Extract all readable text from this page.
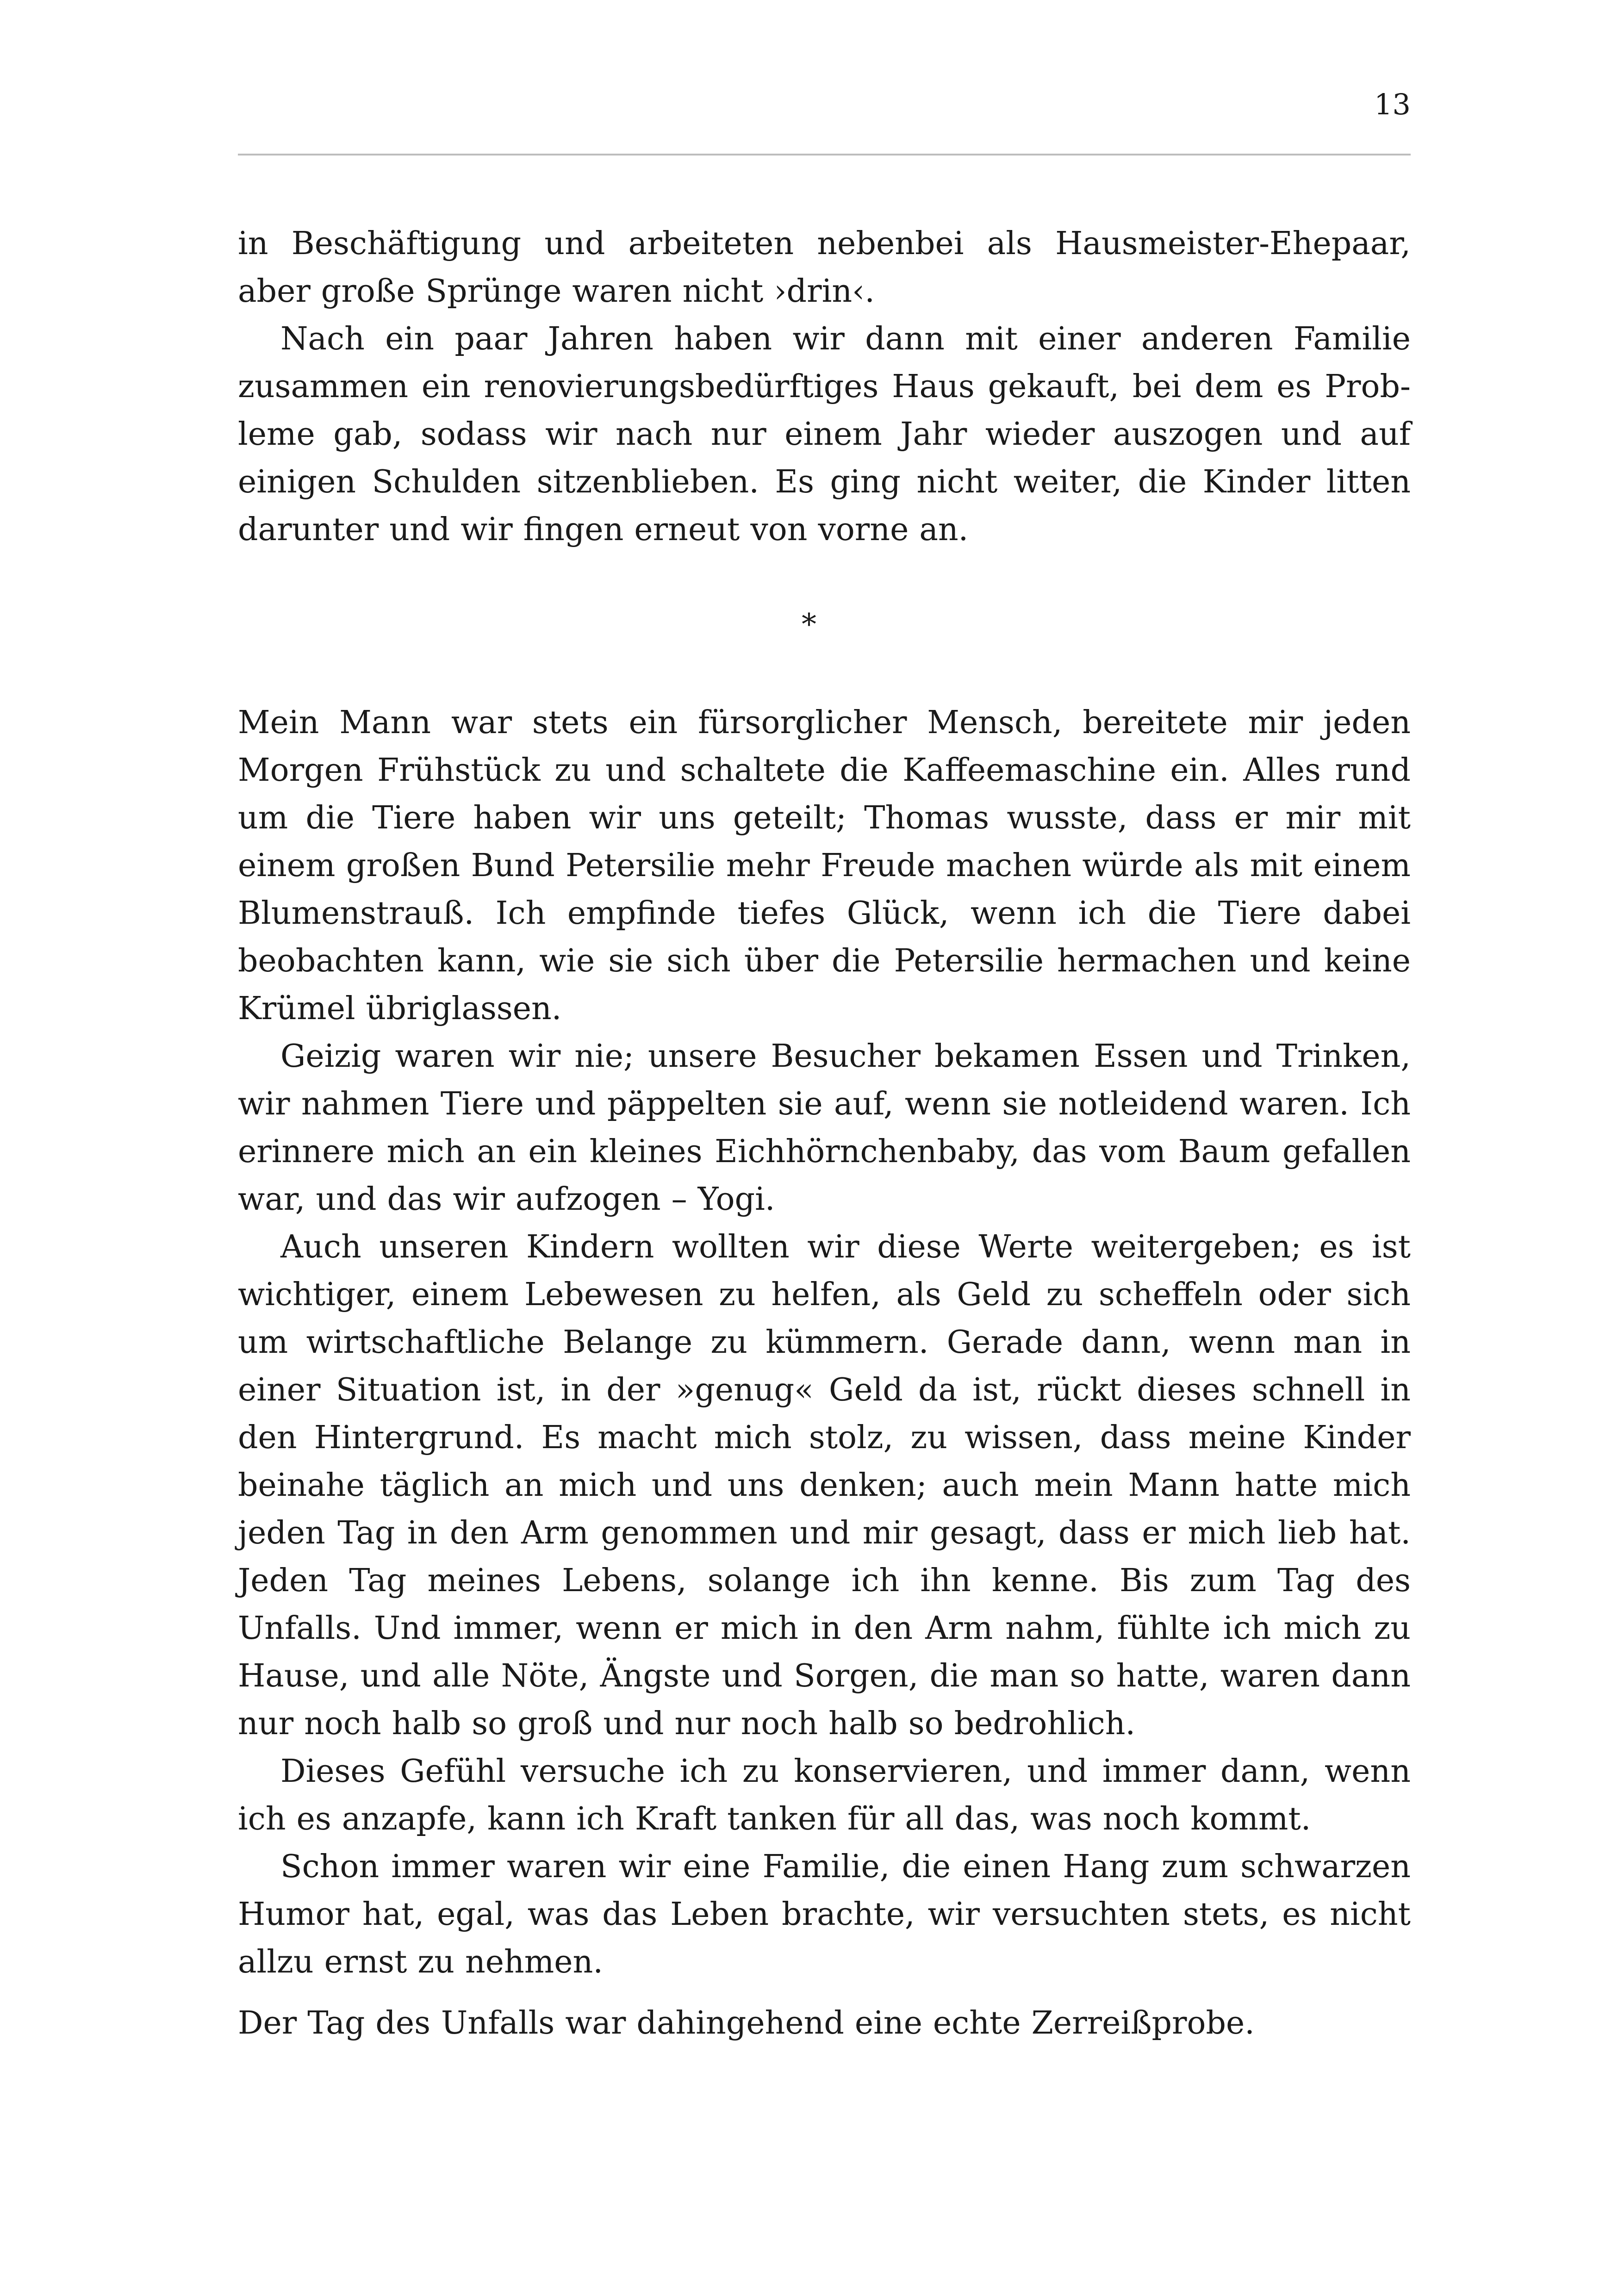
13

in Beschäftigung und arbeiteten nebenbei als Hausmeister-Ehepaar, aber große Sprünge waren nicht ›drin‹.

Nach ein paar Jahren haben wir dann mit einer anderen Familie zusammen ein renovierungsbedürftiges Haus gekauft, bei dem es Probleme gab, sodass wir nach nur einem Jahr wieder auszogen und auf einigen Schulden sitzenblieben. Es ging nicht weiter, die Kinder litten darunter und wir fingen erneut von vorne an.

*

Mein Mann war stets ein fürsorglicher Mensch, bereitete mir jeden Morgen Frühstück zu und schaltete die Kaffeemaschine ein. Alles rund um die Tiere haben wir uns geteilt; Thomas wusste, dass er mir mit einem großen Bund Petersilie mehr Freude machen würde als mit einem Blumenstrauß. Ich empfinde tiefes Glück, wenn ich die Tiere dabei beobachten kann, wie sie sich über die Petersilie hermachen und keine Krümel übriglassen.

Geizig waren wir nie; unsere Besucher bekamen Essen und Trinken, wir nahmen Tiere und päppelten sie auf, wenn sie notleidend waren. Ich erinnere mich an ein kleines Eichhörnchenbaby, das vom Baum gefallen war, und das wir aufzogen – Yogi.

Auch unseren Kindern wollten wir diese Werte weitergeben; es ist wichtiger, einem Lebewesen zu helfen, als Geld zu scheffeln oder sich um wirtschaftliche Belange zu kümmern. Gerade dann, wenn man in einer Situation ist, in der »genug« Geld da ist, rückt dieses schnell in den Hintergrund. Es macht mich stolz, zu wissen, dass meine Kinder beinahe täglich an mich und uns denken; auch mein Mann hatte mich jeden Tag in den Arm genommen und mir gesagt, dass er mich lieb hat. Jeden Tag meines Lebens, solange ich ihn kenne. Bis zum Tag des Unfalls. Und immer, wenn er mich in den Arm nahm, fühlte ich mich zu Hause, und alle Nöte, Ängste und Sorgen, die man so hatte, waren dann nur noch halb so groß und nur noch halb so bedrohlich.

Dieses Gefühl versuche ich zu konservieren, und immer dann, wenn ich es anzapfe, kann ich Kraft tanken für all das, was noch kommt.

Schon immer waren wir eine Familie, die einen Hang zum schwarzen Humor hat, egal, was das Leben brachte, wir versuchten stets, es nicht allzu ernst zu nehmen.

Der Tag des Unfalls war dahingehend eine echte Zerreißprobe.
